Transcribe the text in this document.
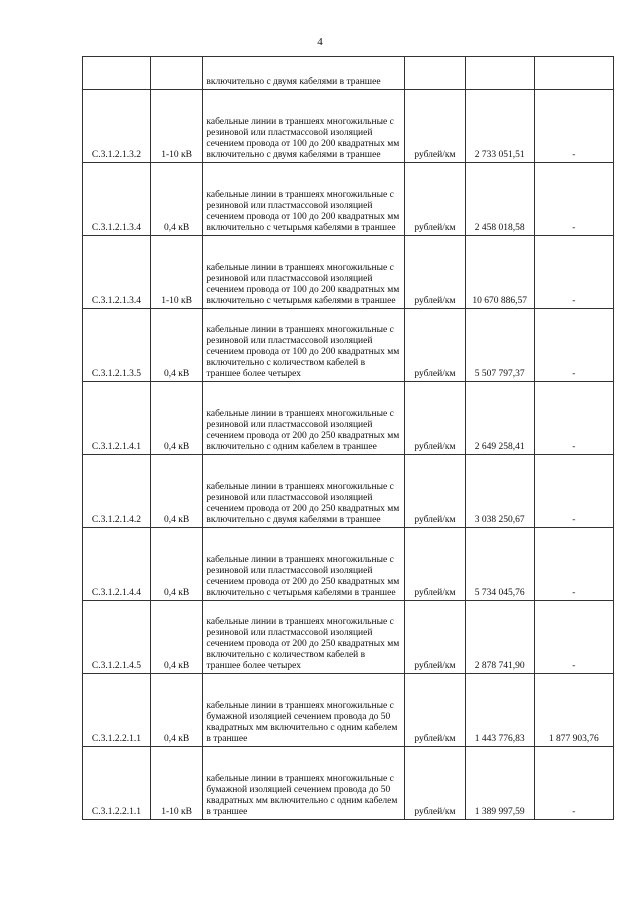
4
		включительно с двумя кабелями в траншее			
С.3.1.2.1.3.2	1-10 кВ	кабельные линии в траншеях многожильные с резиновой или пластмассовой изоляцией сечением провода от 100 до 200 квадратных мм включительно с двумя кабелями в траншее	рублей/км	2 733 051,51	-
С.3.1.2.1.3.4	0,4 кВ	кабельные линии в траншеях многожильные с резиновой или пластмассовой изоляцией сечением провода от 100 до 200 квадратных мм включительно с четырьмя кабелями в траншее	рублей/км	2 458 018,58	-
С.3.1.2.1.3.4	1-10 кВ	кабельные линии в траншеях многожильные с резиновой или пластмассовой изоляцией сечением провода от 100 до 200 квадратных мм включительно с четырьмя кабелями в траншее	рублей/км	10 670 886,57	-
С.3.1.2.1.3.5	0,4 кВ	кабельные линии в траншеях многожильные с резиновой или пластмассовой изоляцией сечением провода от 100 до 200 квадратных мм включительно с количеством кабелей в траншее более четырех	рублей/км	5 507 797,37	-
С.3.1.2.1.4.1	0,4 кВ	кабельные линии в траншеях многожильные с резиновой или пластмассовой изоляцией сечением провода от 200 до 250 квадратных мм включительно с одним кабелем в траншее	рублей/км	2 649 258,41	-
С.3.1.2.1.4.2	0,4 кВ	кабельные линии в траншеях многожильные с резиновой или пластмассовой изоляцией сечением провода от 200 до 250 квадратных мм включительно с двумя кабелями в траншее	рублей/км	3 038 250,67	-
С.3.1.2.1.4.4	0,4 кВ	кабельные линии в траншеях многожильные с резиновой или пластмассовой изоляцией сечением провода от 200 до 250 квадратных мм включительно с четырьмя кабелями в траншее	рублей/км	5 734 045,76	-
С.3.1.2.1.4.5	0,4 кВ	кабельные линии в траншеях многожильные с резиновой или пластмассовой изоляцией сечением провода от 200 до 250 квадратных мм включительно с количеством кабелей в траншее более четырех	рублей/км	2 878 741,90	-
С.3.1.2.2.1.1	0,4 кВ	кабельные линии в траншеях многожильные с бумажной изоляцией сечением провода до 50 квадратных мм включительно с одним кабелем в траншее	рублей/км	1 443 776,83	1 877 903,76
С.3.1.2.2.1.1	1-10 кВ	кабельные линии в траншеях многожильные с бумажной изоляцией сечением провода до 50 квадратных мм включительно с одним кабелем в траншее	рублей/км	1 389 997,59	-
